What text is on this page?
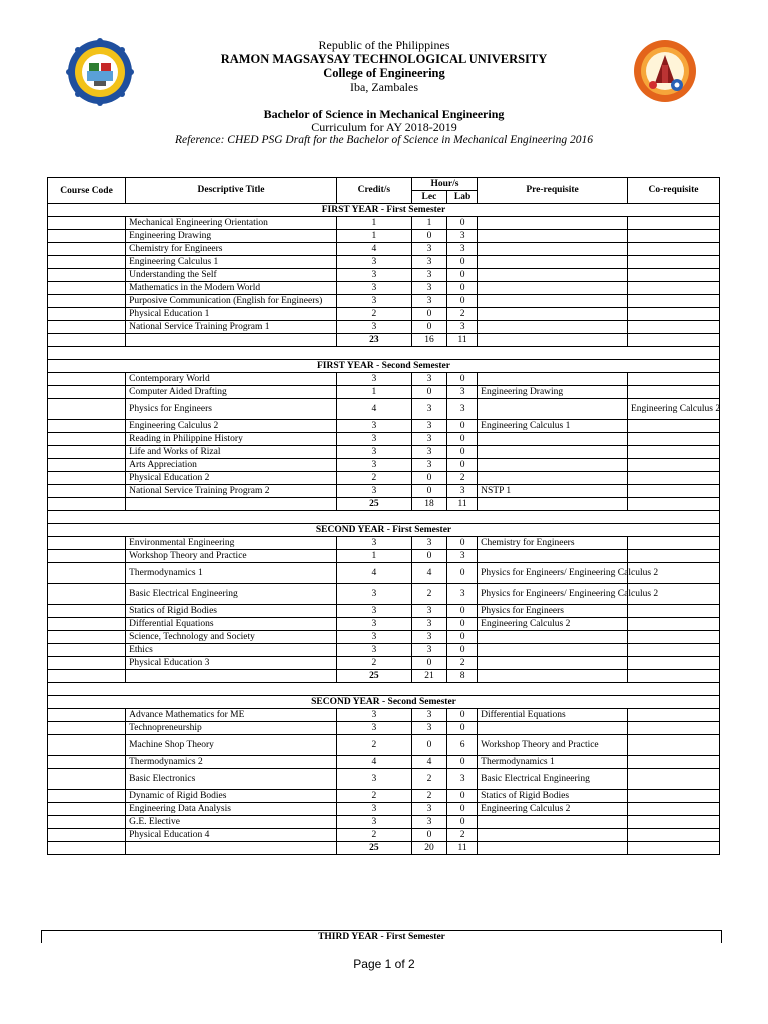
Republic of the Philippines
RAMON MAGSAYSAY TECHNOLOGICAL UNIVERSITY
College of Engineering
Iba, Zambales
Bachelor of Science in Mechanical Engineering
Curriculum for AY 2018-2019
Reference: CHED PSG Draft for the Bachelor of Science in Mechanical Engineering 2016
Course Code	Descriptive Title	Credit/s	Hour/s		Pre-requisite	Co-requisite
			Lec	Lab		
FIRST YEAR - First Semester						
	Mechanical Engineering Orientation	1	1	0		
	Engineering Drawing	1	0	3		
	Chemistry for Engineers	4	3	3		
	Engineering Calculus 1	3	3	0		
	Understanding the Self	3	3	0		
	Mathematics in the Modern World	3	3	0		
	Purposive Communication (English for Engineers)	3	3	0		
	Physical Education 1	2	0	2		
	National Service Training Program 1	3	0	3		
		23	16	11		

FIRST YEAR - Second Semester						
	Contemporary World	3	3	0		
	Computer Aided Drafting	1	0	3	Engineering Drawing	
	Physics for Engineers	4	3	3		Engineering Calculus 2
	Engineering Calculus 2	3	3	0	Engineering Calculus 1	
	Reading in Philippine History	3	3	0		
	Life and Works of Rizal	3	3	0		
	Arts Appreciation	3	3	0		
	Physical Education 2	2	0	2		
	National Service Training Program 2	3	0	3	NSTP 1	
		25	18	11		

SECOND YEAR - First Semester						
	Environmental Engineering	3	3	0	Chemistry for Engineers	
	Workshop Theory and Practice	1	0	3		
	Thermodynamics 1	4	4	0	Physics for Engineers/ Engineering Calculus 2	
	Basic Electrical Engineering	3	2	3	Physics for Engineers/ Engineering Calculus 2	
	Statics of Rigid Bodies	3	3	0	Physics for Engineers	
	Differential Equations	3	3	0	Engineering Calculus 2	
	Science, Technology and Society	3	3	0		
	Ethics	3	3	0		
	Physical Education 3	2	0	2		
		25	21	8		

SECOND YEAR - Second Semester						
	Advance Mathematics for ME	3	3	0	Differential Equations	
	Technopreneurship	3	3	0		
	Machine Shop Theory	2	0	6	Workshop Theory and Practice	
	Thermodynamics 2	4	4	0	Thermodynamics 1	
	Basic Electronics	3	2	3	Basic Electrical Engineering	
	Dynamic of Rigid Bodies	2	2	0	Statics of Rigid Bodies	
	Engineering Data Analysis	3	3	0	Engineering Calculus 2	
	G.E. Elective	3	3	0		
	Physical Education 4	2	0	2		
		25	20	11		
THIRD YEAR - First Semester
Page 1 of 2
